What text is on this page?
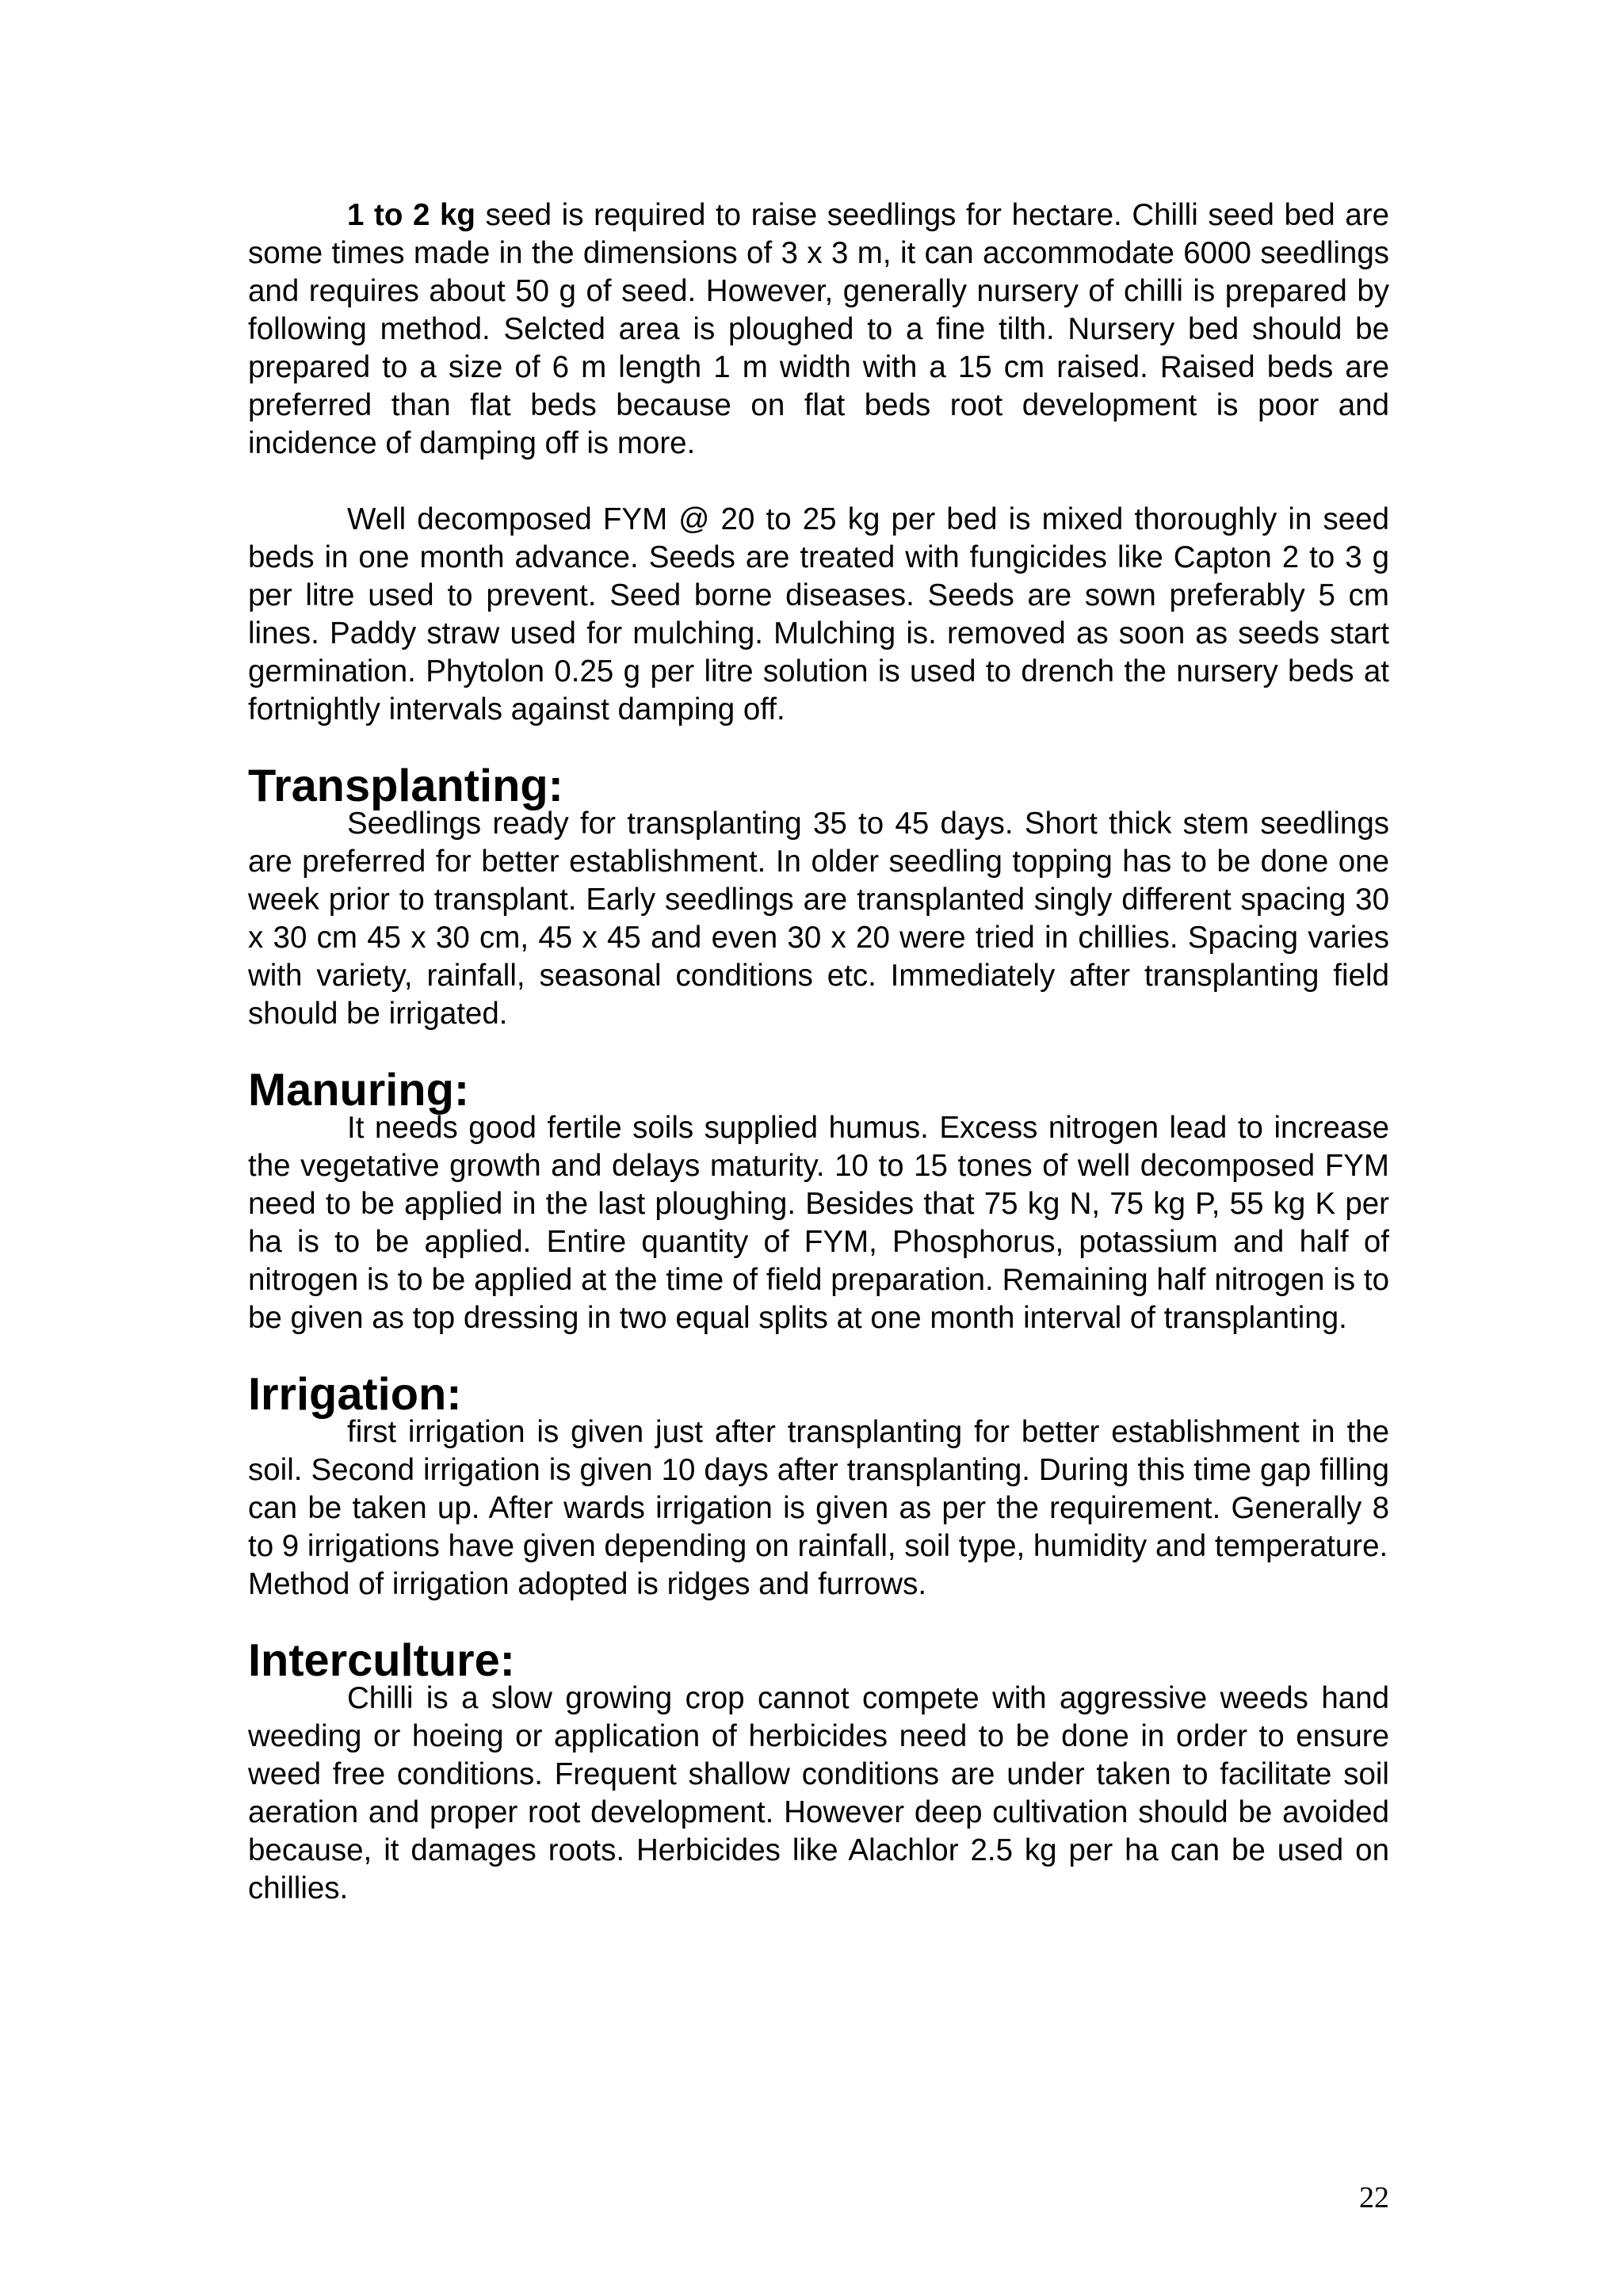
1 to 2 kg seed is required to raise seedlings for hectare. Chilli seed bed are some times made in the dimensions of 3 x 3 m, it can accommodate 6000 seedlings and requires about 50 g of seed. However, generally nursery of chilli is prepared by following method. Selcted area is ploughed to a fine tilth. Nursery bed should be prepared to a size of 6 m length 1 m width with a 15 cm raised. Raised beds are preferred than flat beds because on flat beds root development is poor and incidence of damping off is more.

Well decomposed FYM @ 20 to 25 kg per bed is mixed thoroughly in seed beds in one month advance. Seeds are treated with fungicides like Capton 2 to 3 g per litre used to prevent. Seed borne diseases. Seeds are sown preferably 5 cm lines. Paddy straw used for mulching. Mulching is. removed as soon as seeds start germination. Phytolon 0.25 g per litre solution is used to drench the nursery beds at fortnightly intervals against damping off.

Transplanting:

Seedlings ready for transplanting 35 to 45 days. Short thick stem seedlings are preferred for better establishment. In older seedling topping has to be done one week prior to transplant. Early seedlings are transplanted singly different spacing 30 x 30 cm 45 x 30 cm, 45 x 45 and even 30 x 20 were tried in chillies. Spacing varies with variety, rainfall, seasonal conditions etc. Immediately after transplanting field should be irrigated.

Manuring:

It needs good fertile soils supplied humus. Excess nitrogen lead to increase the vegetative growth and delays maturity. 10 to 15 tones of well decomposed FYM need to be applied in the last ploughing. Besides that 75 kg N, 75 kg P, 55 kg K per ha is to be applied. Entire quantity of FYM, Phosphorus, potassium and half of nitrogen is to be applied at the time of field preparation. Remaining half nitrogen is to be given as top dressing in two equal splits at one month interval of transplanting.

Irrigation:

first irrigation is given just after transplanting for better establishment in the soil. Second irrigation is given 10 days after transplanting. During this time gap filling can be taken up. After wards irrigation is given as per the requirement. Generally 8 to 9 irrigations have given depending on rainfall, soil type, humidity and temperature.

Method of irrigation adopted is ridges and furrows.

Interculture:

Chilli is a slow growing crop cannot compete with aggressive weeds hand weeding or hoeing or application of herbicides need to be done in order to ensure weed free conditions. Frequent shallow conditions are under taken to facilitate soil aeration and proper root development. However deep cultivation should be avoided because, it damages roots. Herbicides like Alachlor 2.5 kg per ha can be used on chillies.

22
